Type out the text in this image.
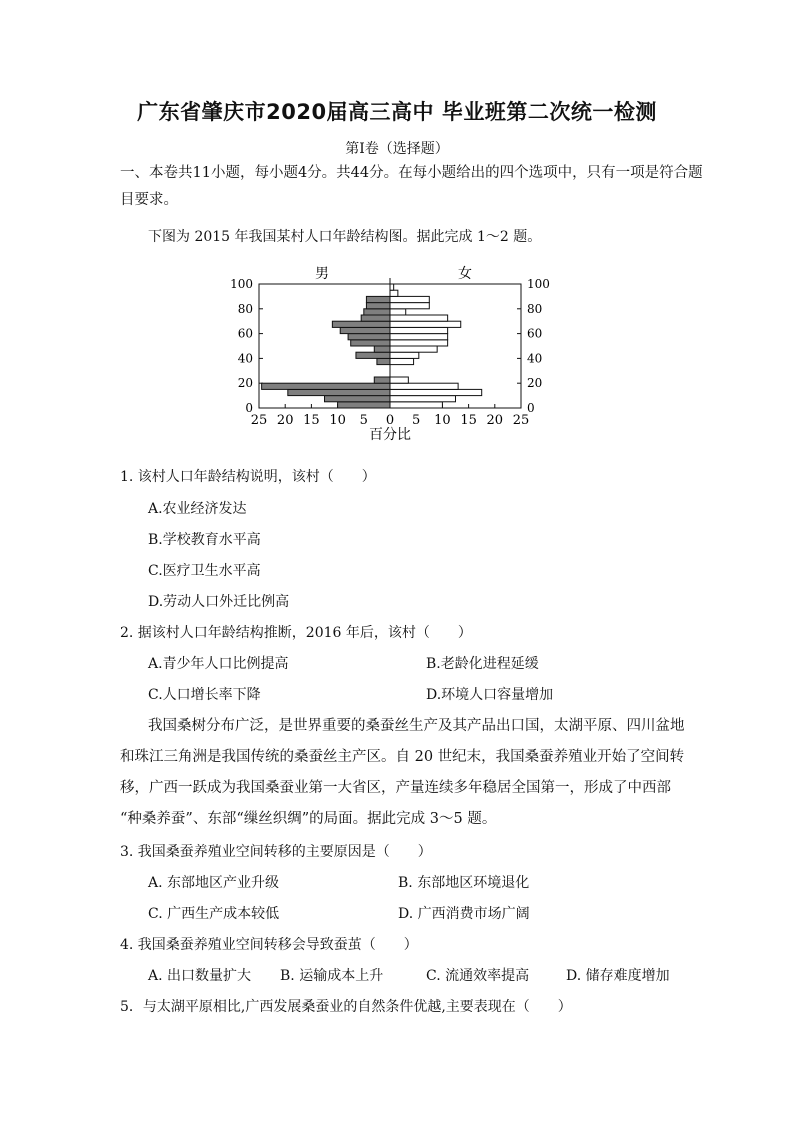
广东省肇庆市2020届高三高中 毕业班第二次统一检测
第Ⅰ卷（选择题）
一、本卷共11小题，每小题4分。共44分。在每小题给出的四个选项中，只有一项是符合题
目要求。
下图为 2015 年我国某村人口年龄结构图。据此完成 1～2 题。
0	0
20	20
40	40
60	60
80	80
100	100
25 20 15 10 5 0 5 10 15 20 25
男	女
百分比
1. 该村人口年龄结构说明，该村（　　）
A.农业经济发达
B.学校教育水平高
C.医疗卫生水平高
D.劳动人口外迁比例高
2. 据该村人口年龄结构推断，2016 年后，该村（　　）
A.青少年人口比例提高	B.老龄化进程延缓
C.人口增长率下降	D.环境人口容量增加
我国桑树分布广泛，是世界重要的桑蚕丝生产及其产品出口国，太湖平原、四川盆地
和珠江三角洲是我国传统的桑蚕丝主产区。自 20 世纪末，我国桑蚕养殖业开始了空间转
移，广西一跃成为我国桑蚕业第一大省区，产量连续多年稳居全国第一，形成了中西部
“种桑养蚕”、东部“缫丝织绸”的局面。据此完成 3～5 题。
3. 我国桑蚕养殖业空间转移的主要原因是（　　）
A. 东部地区产业升级	B. 东部地区环境退化
C. 广西生产成本较低	D. 广西消费市场广阔
4. 我国桑蚕养殖业空间转移会导致蚕茧（　　）
A. 出口数量扩大 B. 运输成本上升	C. 流通效率提高	D. 储存难度增加
5．与太湖平原相比,广西发展桑蚕业的自然条件优越,主要表现在（　　）
